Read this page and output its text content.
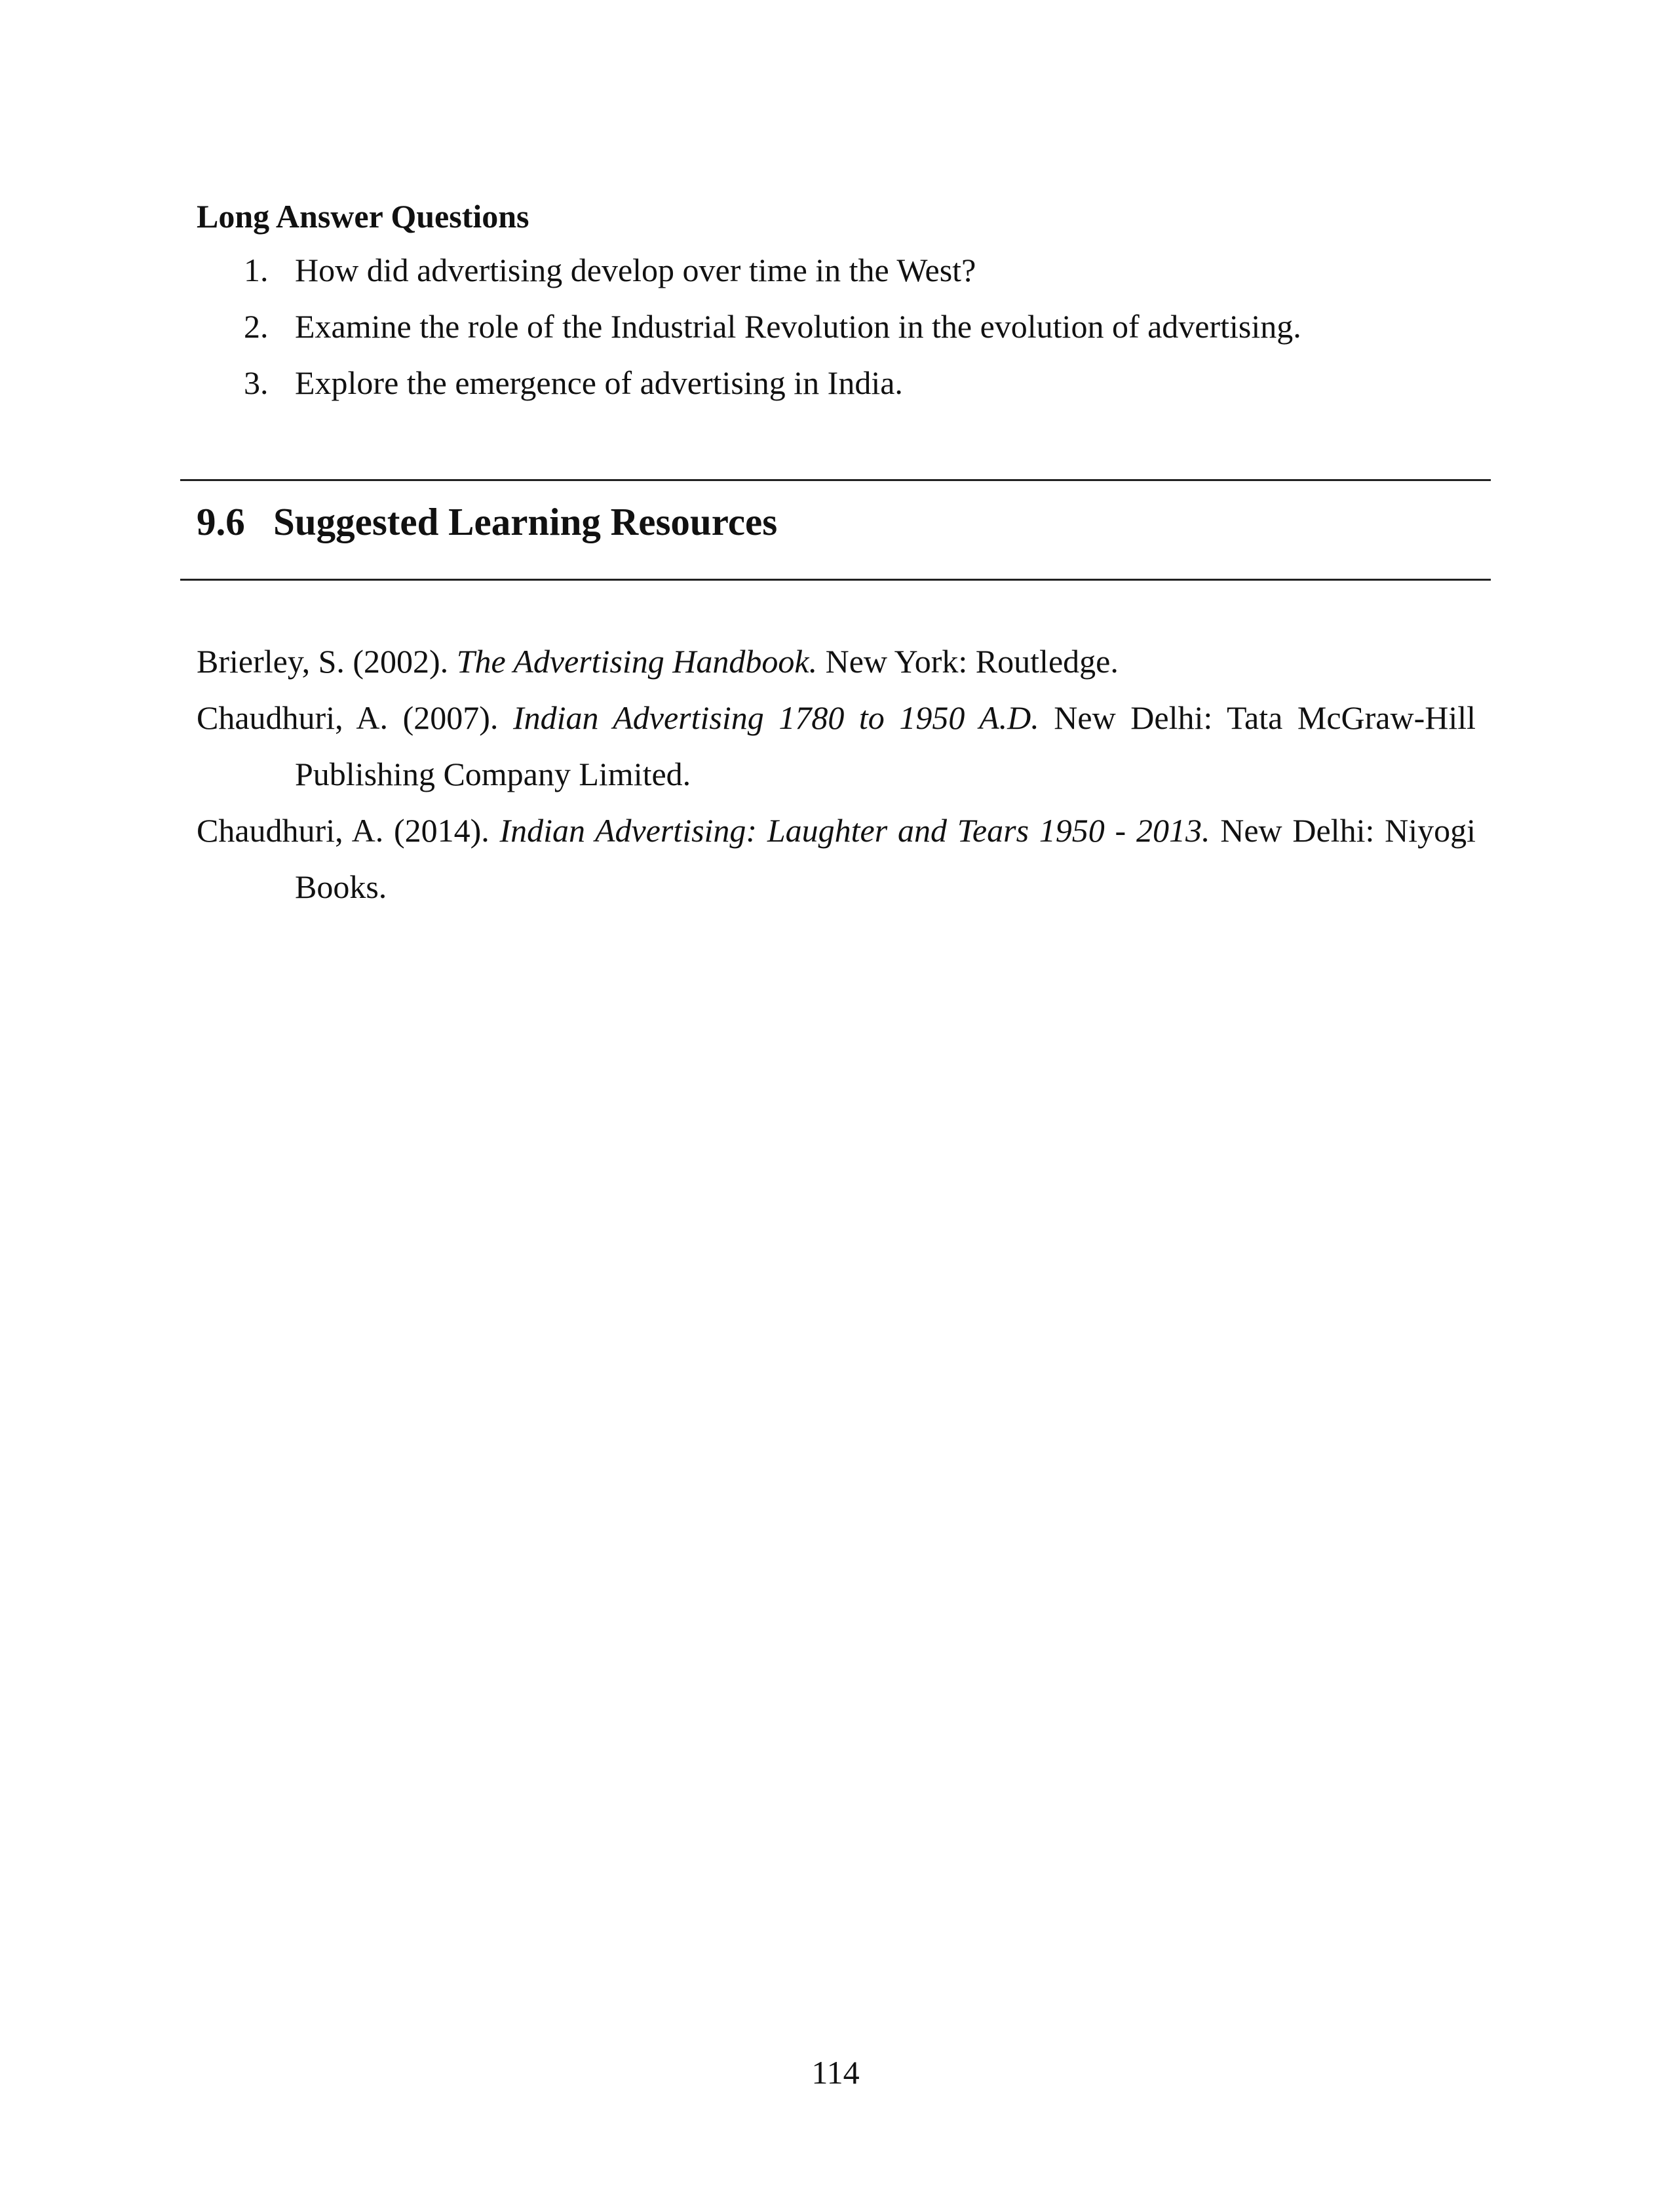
Long Answer Questions
1. How did advertising develop over time in the West?
2. Examine the role of the Industrial Revolution in the evolution of advertising.
3. Explore the emergence of advertising in India.
9.6 Suggested Learning Resources

Brierley, S. (2002). The Advertising Handbook. New York: Routledge.

Chaudhuri, A. (2007). Indian Advertising 1780 to 1950 A.D. New Delhi: Tata McGraw-Hill Publishing Company Limited.

Chaudhuri, A. (2014). Indian Advertising: Laughter and Tears 1950 - 2013. New Delhi: Niyogi Books.

114
